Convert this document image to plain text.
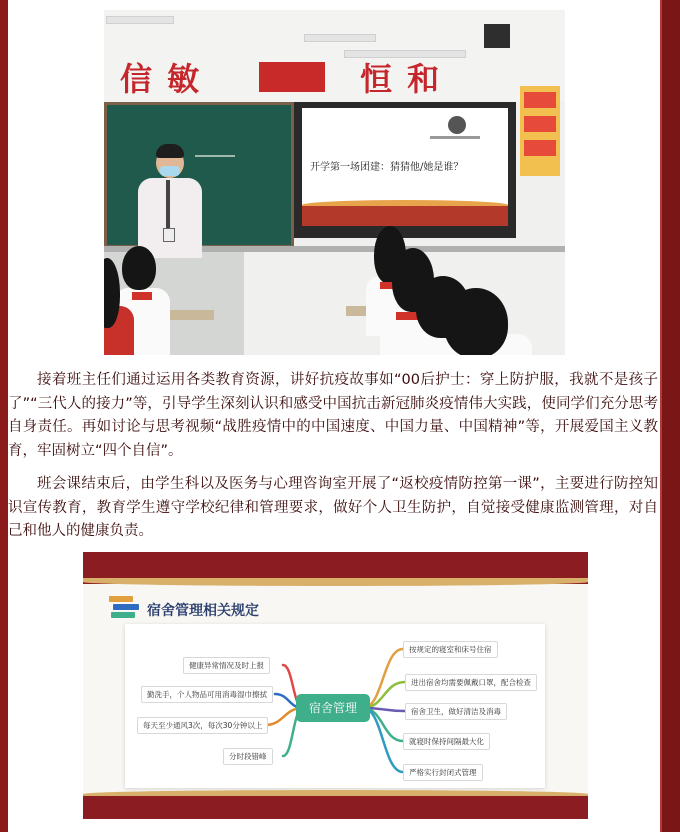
信 敏	恒 和
开学第一场团建：猜猜他/她是谁？
接着班主任们通过运用各类教育资源，讲好抗疫故事如“00后护士：穿上防护服，我就不是孩子了”“三代人的接力”等，引导学生深刻认识和感受中国抗击新冠肺炎疫情伟大实践，使同学们充分思考自身责任。再如讨论与思考视频“战胜疫情中的中国速度、中国力量、中国精神”等，开展爱国主义教育，牢固树立“四个自信”。
班会课结束后，由学生科以及医务与心理咨询室开展了“返校疫情防控第一课”，主要进行防控知识宣传教育，教育学生遵守学校纪律和管理要求，做好个人卫生防护，自觉接受健康监测管理，对自己和他人的健康负责。
宿舍管理相关规定
宿舍管理
健康异常情况及时上报
勤洗手，个人物品可用消毒湿巾擦拭
每天至少通风3次，每次30分钟以上
分时段错峰
按规定的寝室和床号住宿
进出宿舍均需要佩戴口罩，配合检查
宿舍卫生，做好清洁及消毒
就寝时保持间隔最大化
严格实行封闭式管理
